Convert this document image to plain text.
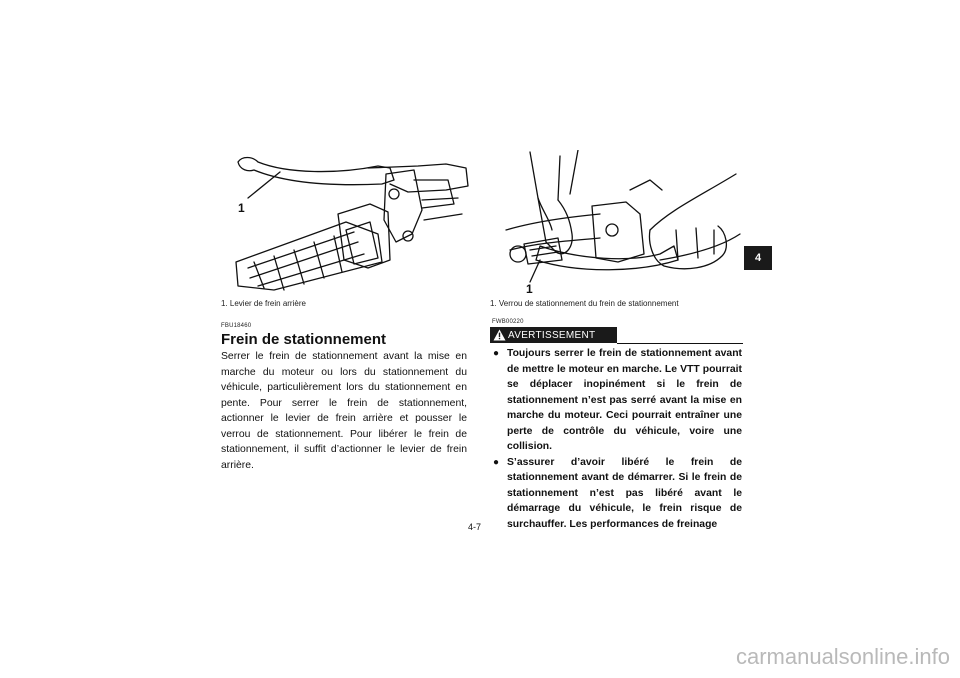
1
1. Levier de frein arrière
1
1. Verrou de stationnement du frein de stationnement
FBU18460
Frein de stationnement

Serrer le frein de stationnement avant la mise en marche du moteur ou lors du stationnement du véhicule, particulièrement lors du stationnement en pente. Pour serrer le frein de stationnement, actionner le levier de frein arrière et pousser le verrou de stationnement. Pour libérer le frein de stationnement, il suffit d’actionner le levier de frein arrière.

FWB00220
AVERTISSEMENT
● Toujours serrer le frein de stationnement avant de mettre le moteur en marche. Le VTT pourrait se déplacer inopinément si le frein de stationnement n’est pas serré avant la mise en marche du moteur. Ceci pourrait entraîner une perte de contrôle du véhicule, voire une collision.
● S’assurer d’avoir libéré le frein de stationnement avant de démarrer. Si le frein de stationnement n’est pas libéré avant le démarrage du véhicule, le frein risque de surchauffer. Les performances de freinage
4
4-7
carmanualsonline.info
